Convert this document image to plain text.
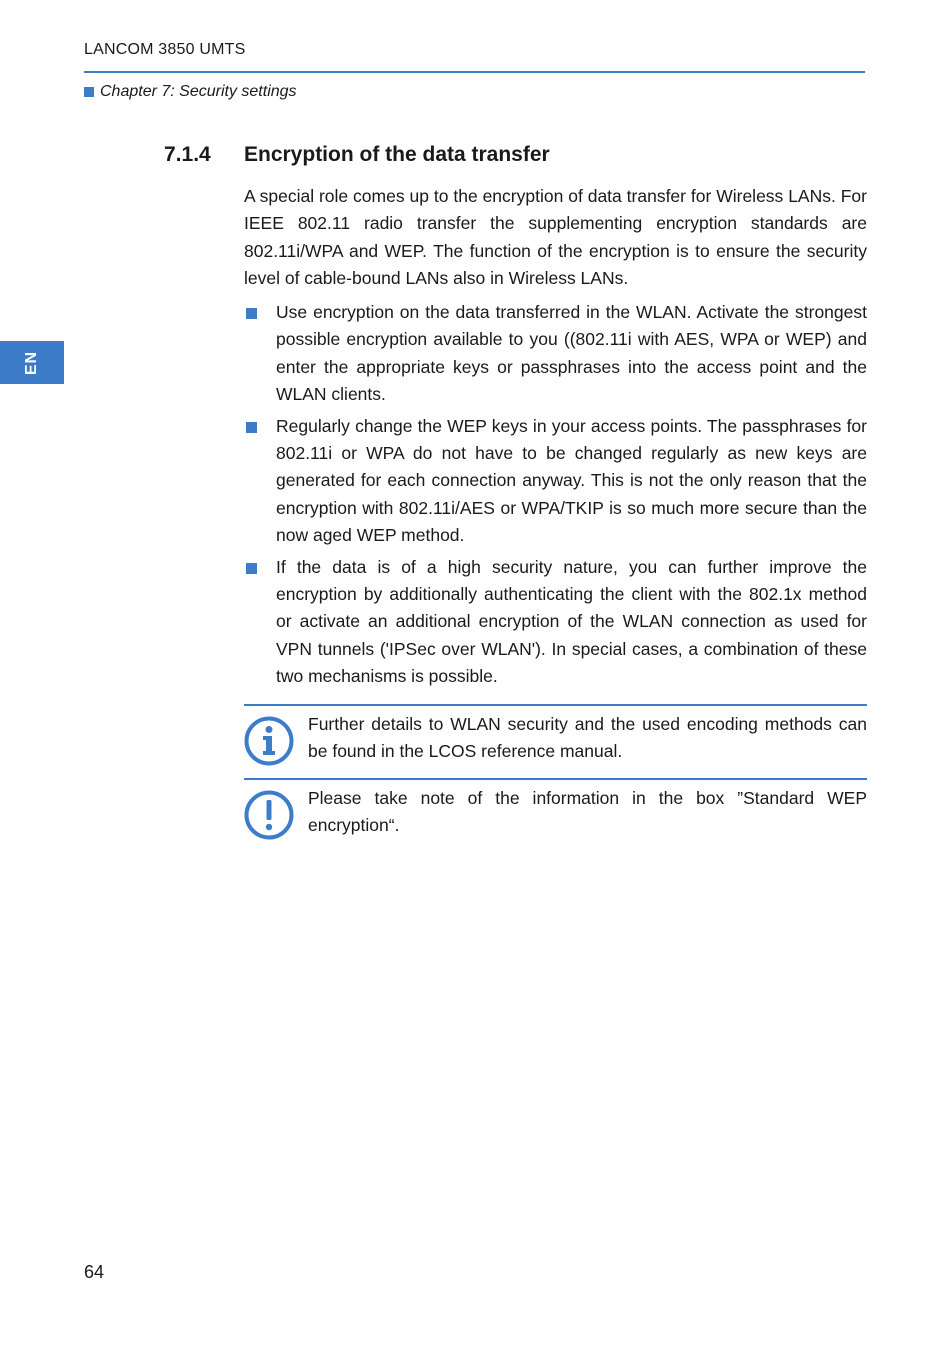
LANCOM 3850 UMTS
Chapter 7: Security settings
EN
7.1.4 Encryption of the data transfer

A special role comes up to the encryption of data transfer for Wireless LANs. For IEEE 802.11 radio transfer the supplementing encryption standards are 802.11i/WPA and WEP. The function of the encryption is to ensure the security level of cable-bound LANs also in Wireless LANs.

Use encryption on the data transferred in the WLAN. Activate the strongest possible encryption available to you ((802.11i with AES, WPA or WEP) and enter the appropriate keys or passphrases into the access point and the WLAN clients.
Regularly change the WEP keys in your access points. The passphrases for 802.11i or WPA do not have to be changed regularly as new keys are generated for each connection anyway. This is not the only reason that the encryption with 802.11i/AES or WPA/TKIP is so much more secure than the now aged WEP method.
If the data is of a high security nature, you can further improve the encryption by additionally authenticating the client with the 802.1x method or activate an additional encryption of the WLAN connection as used for VPN tunnels ('IPSec over WLAN'). In special cases, a combination of these two mechanisms is possible.
Further details to WLAN security and the used encoding methods can be found in the LCOS reference manual.
Please take note of the information in the box ”Standard WEP encryption“.
64
